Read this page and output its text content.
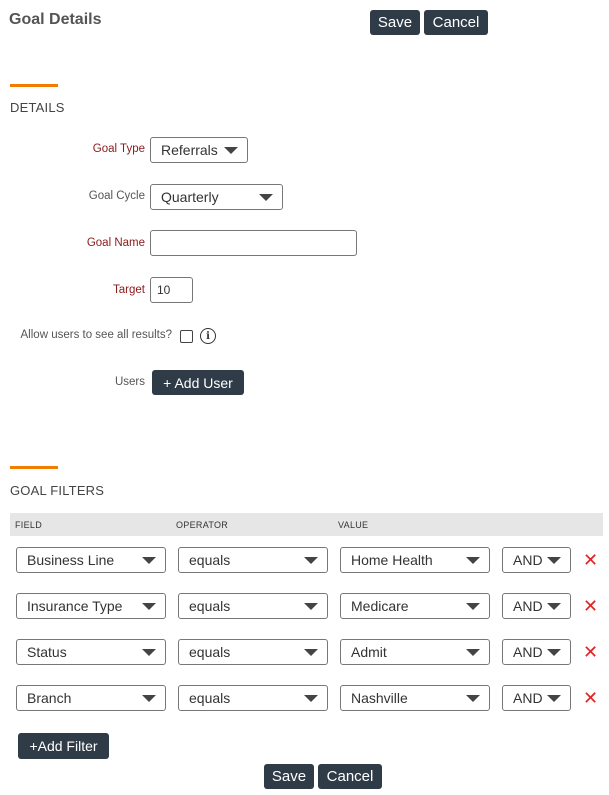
Goal Details	Save	Cancel
DETAILS
Goal Type Referrals
Goal Cycle Quarterly
Goal Name
Target	10
Allow users to see all results?	i
Users	+ Add User
GOAL FILTERS
FIELD	OPERATOR	VALUE
Business Line	equals	Home Health	AND ✕
Insurance Type	equals	Medicare	AND ✕
Status	equals	Admit	AND ✕
Branch	equals	Nashville	AND ✕
+Add Filter
Save	Cancel
